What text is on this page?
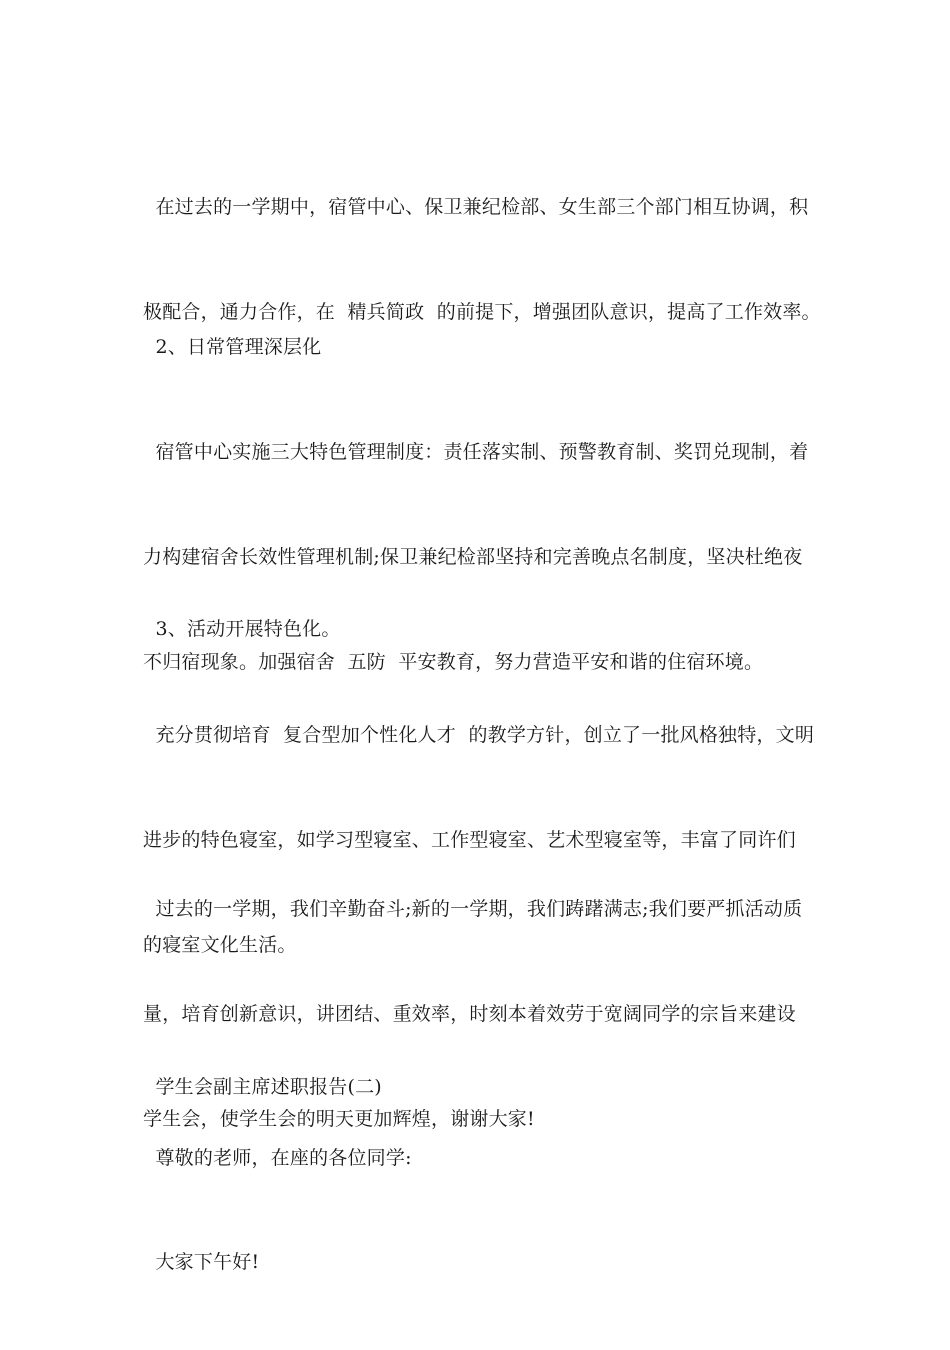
在过去的一学期中，宿管中心、保卫兼纪检部、女生部三个部门相互协调，积

极配合，通力合作，在  精兵简政  的前提下，增强团队意识，提高了工作效率。

2、日常管理深层化

宿管中心实施三大特色管理制度：责任落实制、预警教育制、奖罚兑现制，着

力构建宿舍长效性管理机制;保卫兼纪检部坚持和完善晚点名制度，坚决杜绝夜

不归宿现象。加强宿舍  五防  平安教育，努力营造平安和谐的住宿环境。

3、活动开展特色化。

充分贯彻培育  复合型加个性化人才  的教学方针，创立了一批风格独特，文明

进步的特色寝室，如学习型寝室、工作型寝室、艺术型寝室等，丰富了同许们

的寝室文化生活。

过去的一学期，我们辛勤奋斗;新的一学期，我们踌躇满志;我们要严抓活动质

量，培育创新意识，讲团结、重效率，时刻本着效劳于宽阔同学的宗旨来建设

学生会，使学生会的明天更加辉煌，谢谢大家!

学生会副主席述职报告(二)

尊敬的老师，在座的各位同学:

大家下午好!
